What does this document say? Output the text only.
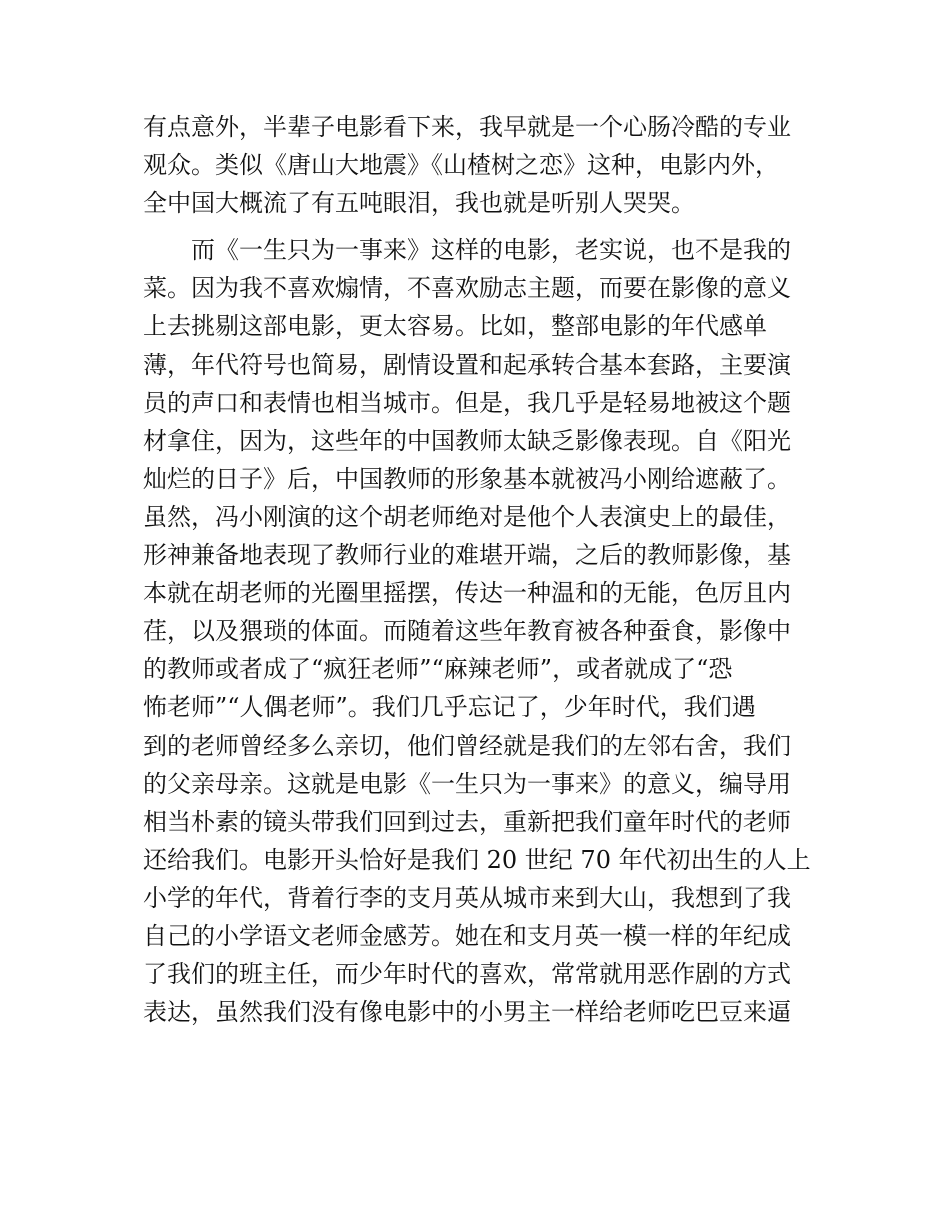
有点意外，半辈子电影看下来，我早就是一个心肠冷酷的专业
观众。类似《唐山大地震》《山楂树之恋》这种，电影内外，
全中国大概流了有五吨眼泪，我也就是听别人哭哭。
　　而《一生只为一事来》这样的电影，老实说，也不是我的
菜。因为我不喜欢煽情，不喜欢励志主题，而要在影像的意义
上去挑剔这部电影，更太容易。比如，整部电影的年代感单
薄，年代符号也简易，剧情设置和起承转合基本套路，主要演
员的声口和表情也相当城市。但是，我几乎是轻易地被这个题
材拿住，因为，这些年的中国教师太缺乏影像表现。自《阳光
灿烂的日子》后，中国教师的形象基本就被冯小刚给遮蔽了。
虽然，冯小刚演的这个胡老师绝对是他个人表演史上的最佳，
形神兼备地表现了教师行业的难堪开端，之后的教师影像，基
本就在胡老师的光圈里摇摆，传达一种温和的无能，色厉且内
荏，以及猥琐的体面。而随着这些年教育被各种蚕食，影像中
的教师或者成了“疯狂老师”“麻辣老师”，或者就成了“恐
怖老师”“人偶老师”。我们几乎忘记了，少年时代，我们遇
到的老师曾经多么亲切，他们曾经就是我们的左邻右舍，我们
的父亲母亲。这就是电影《一生只为一事来》的意义，编导用
相当朴素的镜头带我们回到过去，重新把我们童年时代的老师
还给我们。电影开头恰好是我们 20 世纪 70 年代初出生的人上
小学的年代，背着行李的支月英从城市来到大山，我想到了我
自己的小学语文老师金感芳。她在和支月英一模一样的年纪成
了我们的班主任，而少年时代的喜欢，常常就用恶作剧的方式
表达，虽然我们没有像电影中的小男主一样给老师吃巴豆来逼
